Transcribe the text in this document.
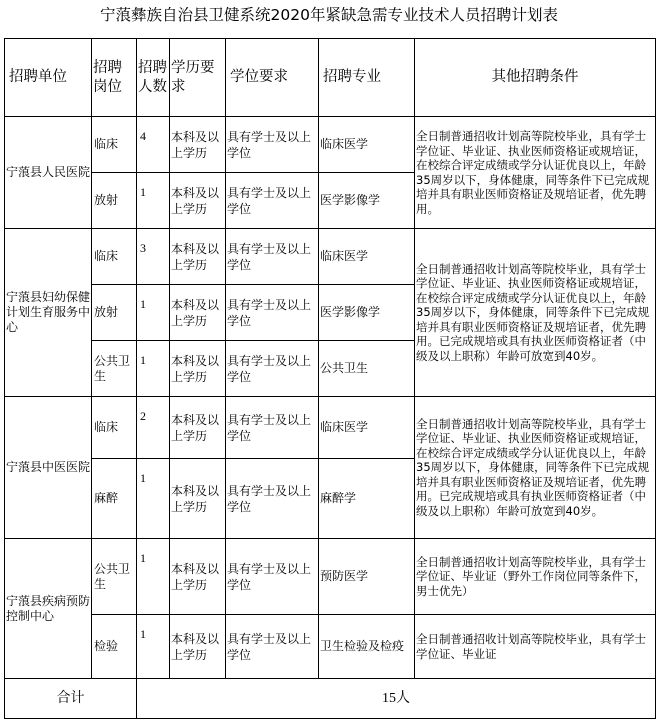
宁蒗彝族自治县卫健系统2020年紧缺急需专业技术人员招聘计划表
招聘单位	招聘岗位	招聘人数	学历要求	学位要求	招聘专业	其他招聘条件
宁蒗县人民医院	临床	4	本科及以上学历	具有学士及以上学位	临床医学	全日制普通招收计划高等院校毕业，具有学士学位证、毕业证、执业医师资格证或规培证，在校综合评定成绩或学分认证优良以上，年龄35周岁以下，身体健康，同等条件下已完成规培并具有职业医师资格证及规培证者，优先聘用。
	放射	1	本科及以上学历	具有学士及以上学位	医学影像学	
宁蒗县妇幼保健计划生育服务中心	临床	3	本科及以上学历	具有学士及以上学位	临床医学	全日制普通招收计划高等院校毕业，具有学士学位证、毕业证、执业医师资格证或规培证，在校综合评定成绩或学分认证优良以上，年龄35周岁以下，身体健康，同等条件下已完成规培并具有职业医师资格证及规培证者，优先聘用。已完成规培或具有执业医师资格证者（中级及以上职称）年龄可放宽到40岁。
	放射	1	本科及以上学历	具有学士及以上学位	医学影像学	
	公共卫生	1	本科及以上学历	具有学士及以上学位	公共卫生	
宁蒗县中医医院	临床	2	本科及以上学历	具有学士及以上学位	临床医学	全日制普通招收计划高等院校毕业，具有学士学位证、毕业证、执业医师资格证或规培证，在校综合评定成绩或学分认证优良以上，年龄35周岁以下，身体健康，同等条件下已完成规培并具有职业医师资格证及规培证者，优先聘用。已完成规培或具有执业医师资格证者（中级及以上职称）年龄可放宽到40岁。
	麻醉	1	本科及以上学历	具有学士及以上学位	麻醉学	
宁蒗县疾病预防控制中心	公共卫生	1	本科及以上学历	具有学士及以上学位	预防医学	全日制普通招收计划高等院校毕业，具有学士学位证、毕业证（野外工作岗位同等条件下，男士优先）
	检验	1	本科及以上学历	具有学士及以上学位	卫生检验及检疫	全日制普通招收计划高等院校毕业，具有学士学位证、毕业证
合计		15人				
